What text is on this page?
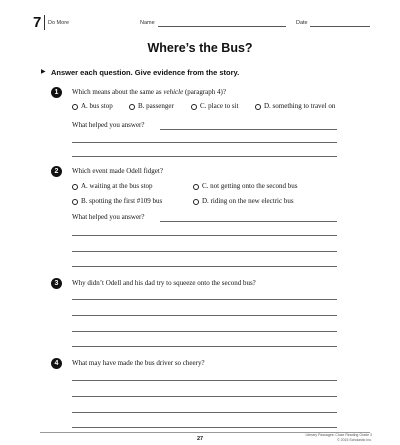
7 Do More	Name	Date
Where’s the Bus?
▶ Answer each question. Give evidence from the story.
1	Which means about the same as vehicle (paragraph 4)?
A. bus stop	B. passenger	C. place to sit	D. something to travel on
What helped you answer?
2	Which event made Odell fidget?
A. waiting at the bus stop	C. not getting onto the second bus
B. spotting the first #109 bus	D. riding on the new electric bus
What helped you answer?
3	Why didn’t Odell and his dad try to squeeze onto the second bus?
4	What may have made the bus driver so cheery?
27
Literary Passages: Close Reading Grade 3
© 2015 Scholastic Inc.
